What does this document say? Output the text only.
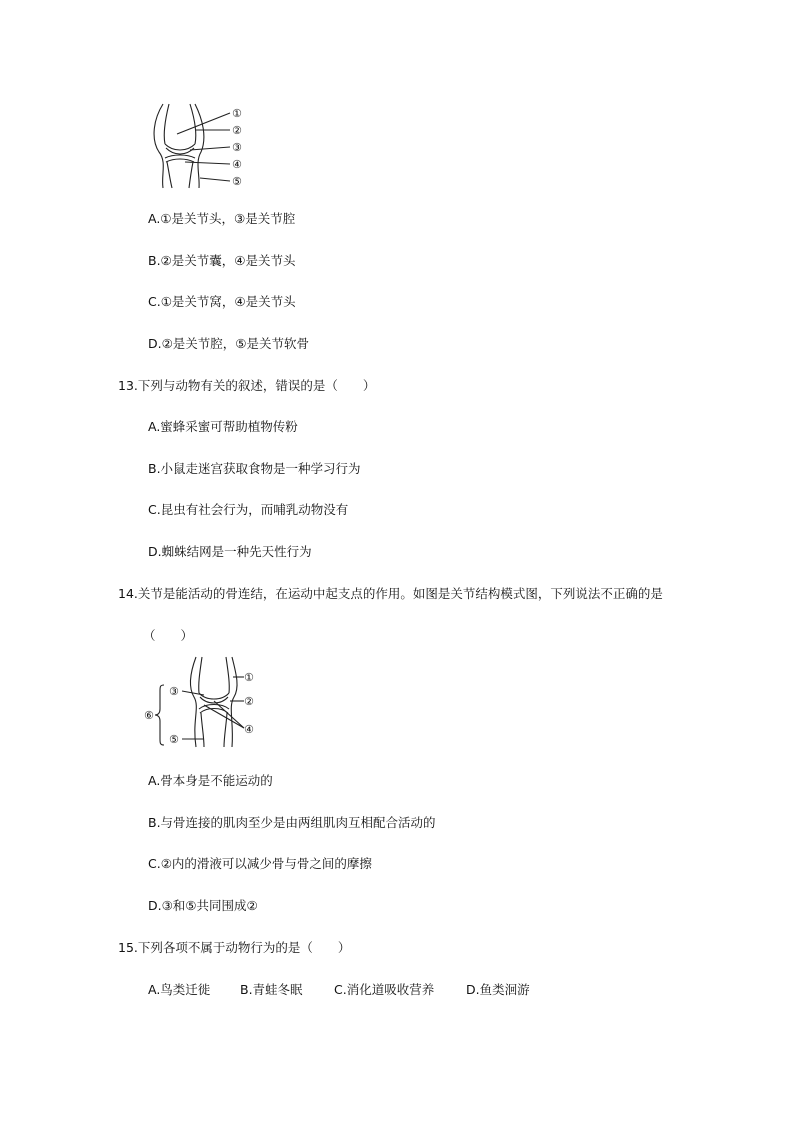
①
②
③
④
⑤
A.①是关节头，③是关节腔
B.②是关节囊，④是关节头
C.①是关节窝，④是关节头
D.②是关节腔，⑤是关节软骨
13.下列与动物有关的叙述，错误的是（　　）
A.蜜蜂采蜜可帮助植物传粉
B.小鼠走迷宫获取食物是一种学习行为
C.昆虫有社会行为，而哺乳动物没有
D.蜘蛛结网是一种先天性行为
14.关节是能活动的骨连结，在运动中起支点的作用。如图是关节结构模式图，下列说法不正确的是
（　　）
①
②
③
④
⑤
⑥
A.骨本身是不能运动的
B.与骨连接的肌肉至少是由两组肌肉互相配合活动的
C.②内的滑液可以减少骨与骨之间的摩擦
D.③和⑤共同围成②
15.下列各项不属于动物行为的是（　　）
A.鸟类迁徙 B.青蛙冬眠	C.消化道吸收营养	D.鱼类洄游
